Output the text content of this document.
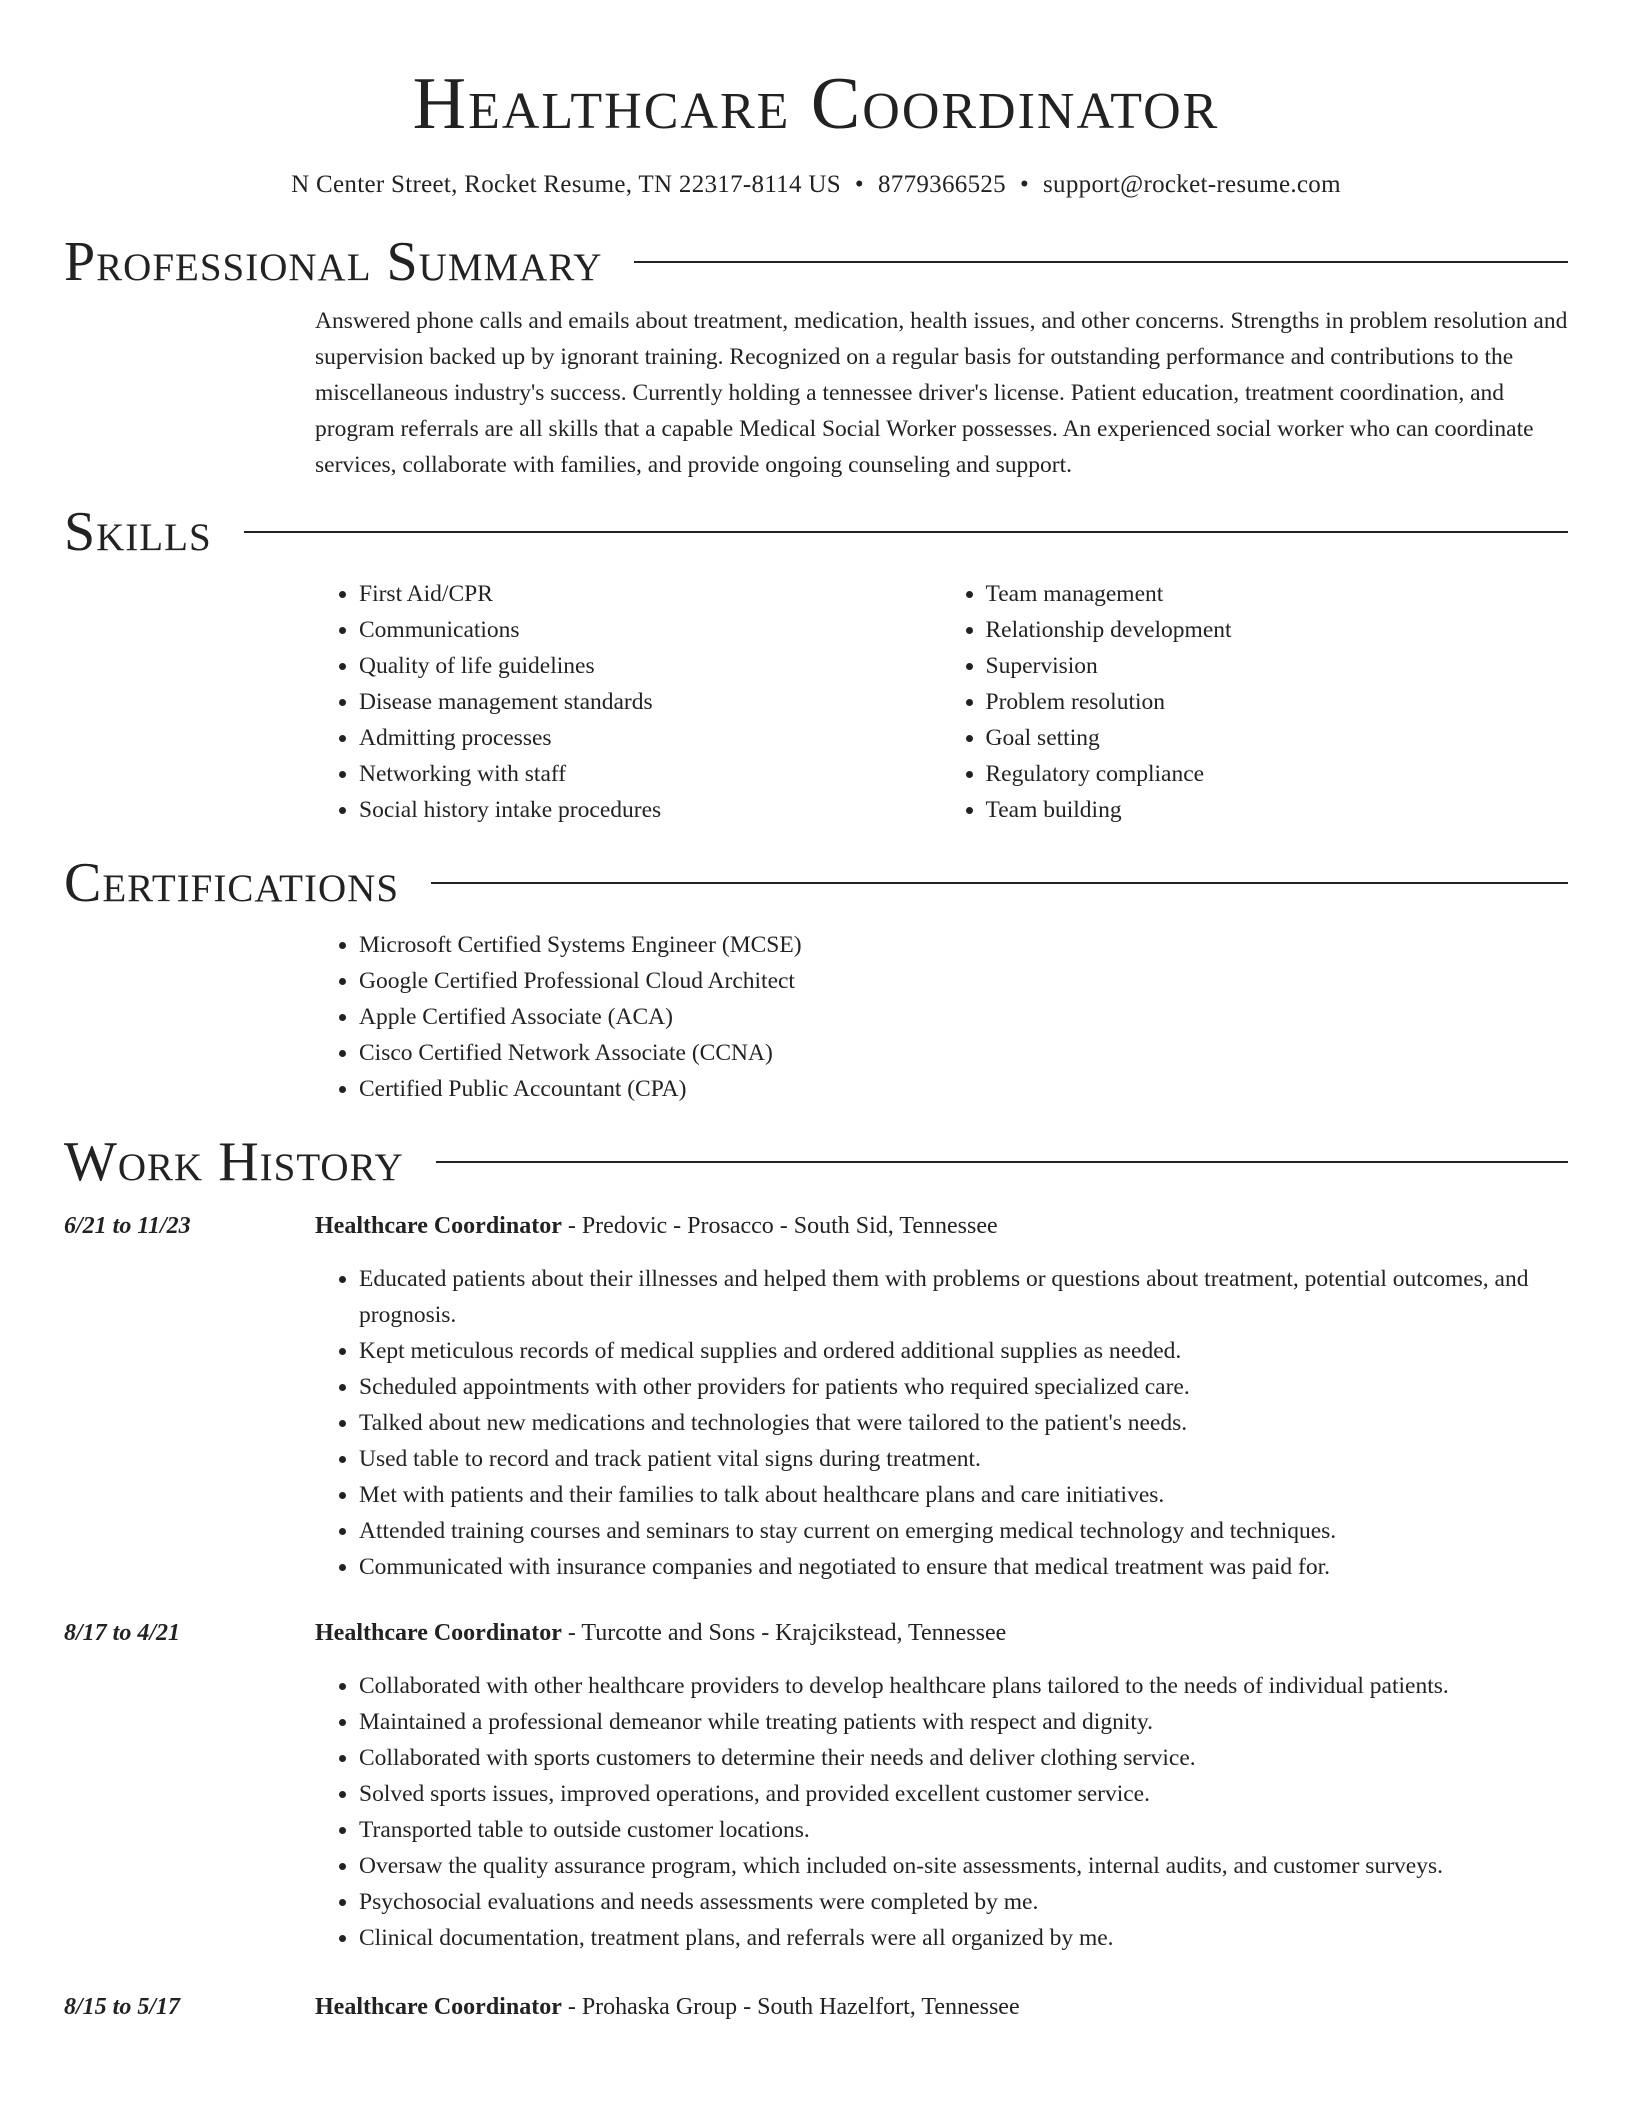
Healthcare Coordinator
N Center Street, Rocket Resume, TN 22317-8114 US • 8779366525 • support@rocket-resume.com
Professional Summary

Answered phone calls and emails about treatment, medication, health issues, and other concerns. Strengths in problem resolution and supervision backed up by ignorant training. Recognized on a regular basis for outstanding performance and contributions to the miscellaneous industry's success. Currently holding a tennessee driver's license. Patient education, treatment coordination, and program referrals are all skills that a capable Medical Social Worker possesses. An experienced social worker who can coordinate services, collaborate with families, and provide ongoing counseling and support.

Skills
• First Aid/CPR
• Communications
• Quality of life guidelines
• Disease management standards
• Admitting processes
• Networking with staff
• Social history intake procedures
• Team management
• Relationship development
• Supervision
• Problem resolution
• Goal setting
• Regulatory compliance
• Team building
Certifications
• Microsoft Certified Systems Engineer (MCSE)
• Google Certified Professional Cloud Architect
• Apple Certified Associate (ACA)
• Cisco Certified Network Associate (CCNA)
• Certified Public Accountant (CPA)
Work History
6/21 to 11/23	Healthcare Coordinator - Predovic - Prosacco - South Sid, Tennessee
• Educated patients about their illnesses and helped them with problems or questions about treatment, potential outcomes, and prognosis.
• Kept meticulous records of medical supplies and ordered additional supplies as needed.
• Scheduled appointments with other providers for patients who required specialized care.
• Talked about new medications and technologies that were tailored to the patient's needs.
• Used table to record and track patient vital signs during treatment.
• Met with patients and their families to talk about healthcare plans and care initiatives.
• Attended training courses and seminars to stay current on emerging medical technology and techniques.
• Communicated with insurance companies and negotiated to ensure that medical treatment was paid for.
8/17 to 4/21	Healthcare Coordinator - Turcotte and Sons - Krajcikstead, Tennessee
• Collaborated with other healthcare providers to develop healthcare plans tailored to the needs of individual patients.
• Maintained a professional demeanor while treating patients with respect and dignity.
• Collaborated with sports customers to determine their needs and deliver clothing service.
• Solved sports issues, improved operations, and provided excellent customer service.
• Transported table to outside customer locations.
• Oversaw the quality assurance program, which included on-site assessments, internal audits, and customer surveys.
• Psychosocial evaluations and needs assessments were completed by me.
• Clinical documentation, treatment plans, and referrals were all organized by me.
8/15 to 5/17	Healthcare Coordinator - Prohaska Group - South Hazelfort, Tennessee
